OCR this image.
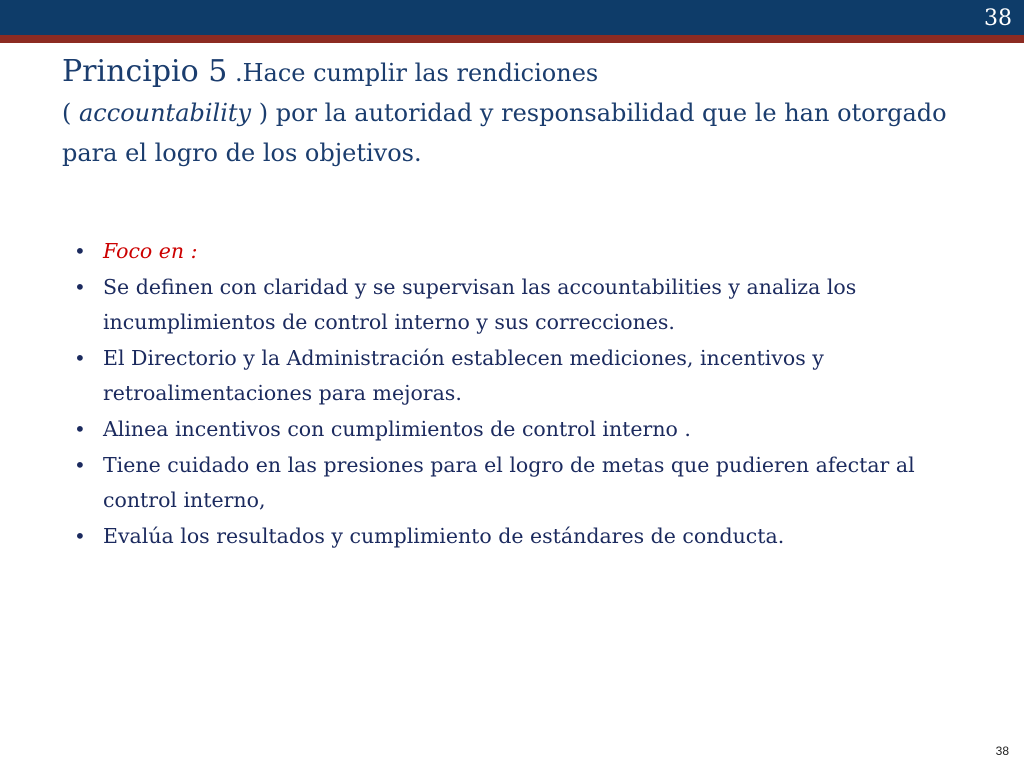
38
Principio 5 .Hace cumplir las rendiciones
( accountability ) por la autoridad y responsabilidad que le han otorgado para el logro de los objetivos.
• Foco en :
• Se definen con claridad y se supervisan las accountabilities y analiza los incumplimientos de control interno y sus correcciones.
• El Directorio y la Administración establecen mediciones, incentivos y retroalimentaciones para mejoras.
• Alinea incentivos con cumplimientos de control interno .
• Tiene cuidado en las presiones para el logro de metas que pudieren afectar al control interno,
• Evalúa los resultados y cumplimiento de estándares de conducta.
38
